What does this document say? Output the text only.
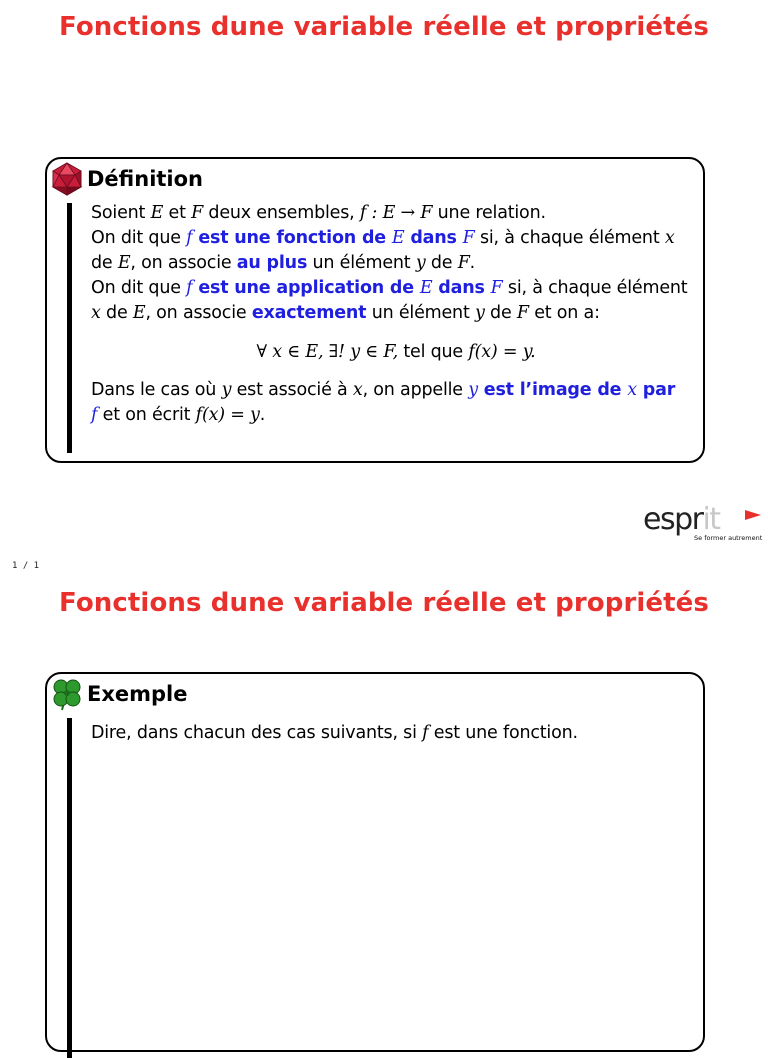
Fonctions dune variable réelle et propriétés
Définition
Soient E et F deux ensembles, f : E → F une relation.
On dit que f est une fonction de E dans F si, à chaque élément x
de E, on associe au plus un élément y de F.
On dit que f est une application de E dans F si, à chaque élément
x de E, on associe exactement un élément y de F et on a:
∀ x ∈ E, ∃! y ∈ F, tel que f(x) = y.
Dans le cas où y est associé à x, on appelle y est l’image de x par
f et on écrit f(x) = y.
esprit
Se former autrement
1 / 1
Fonctions dune variable réelle et propriétés
Exemple
Dire, dans chacun des cas suivants, si f est une fonction.
